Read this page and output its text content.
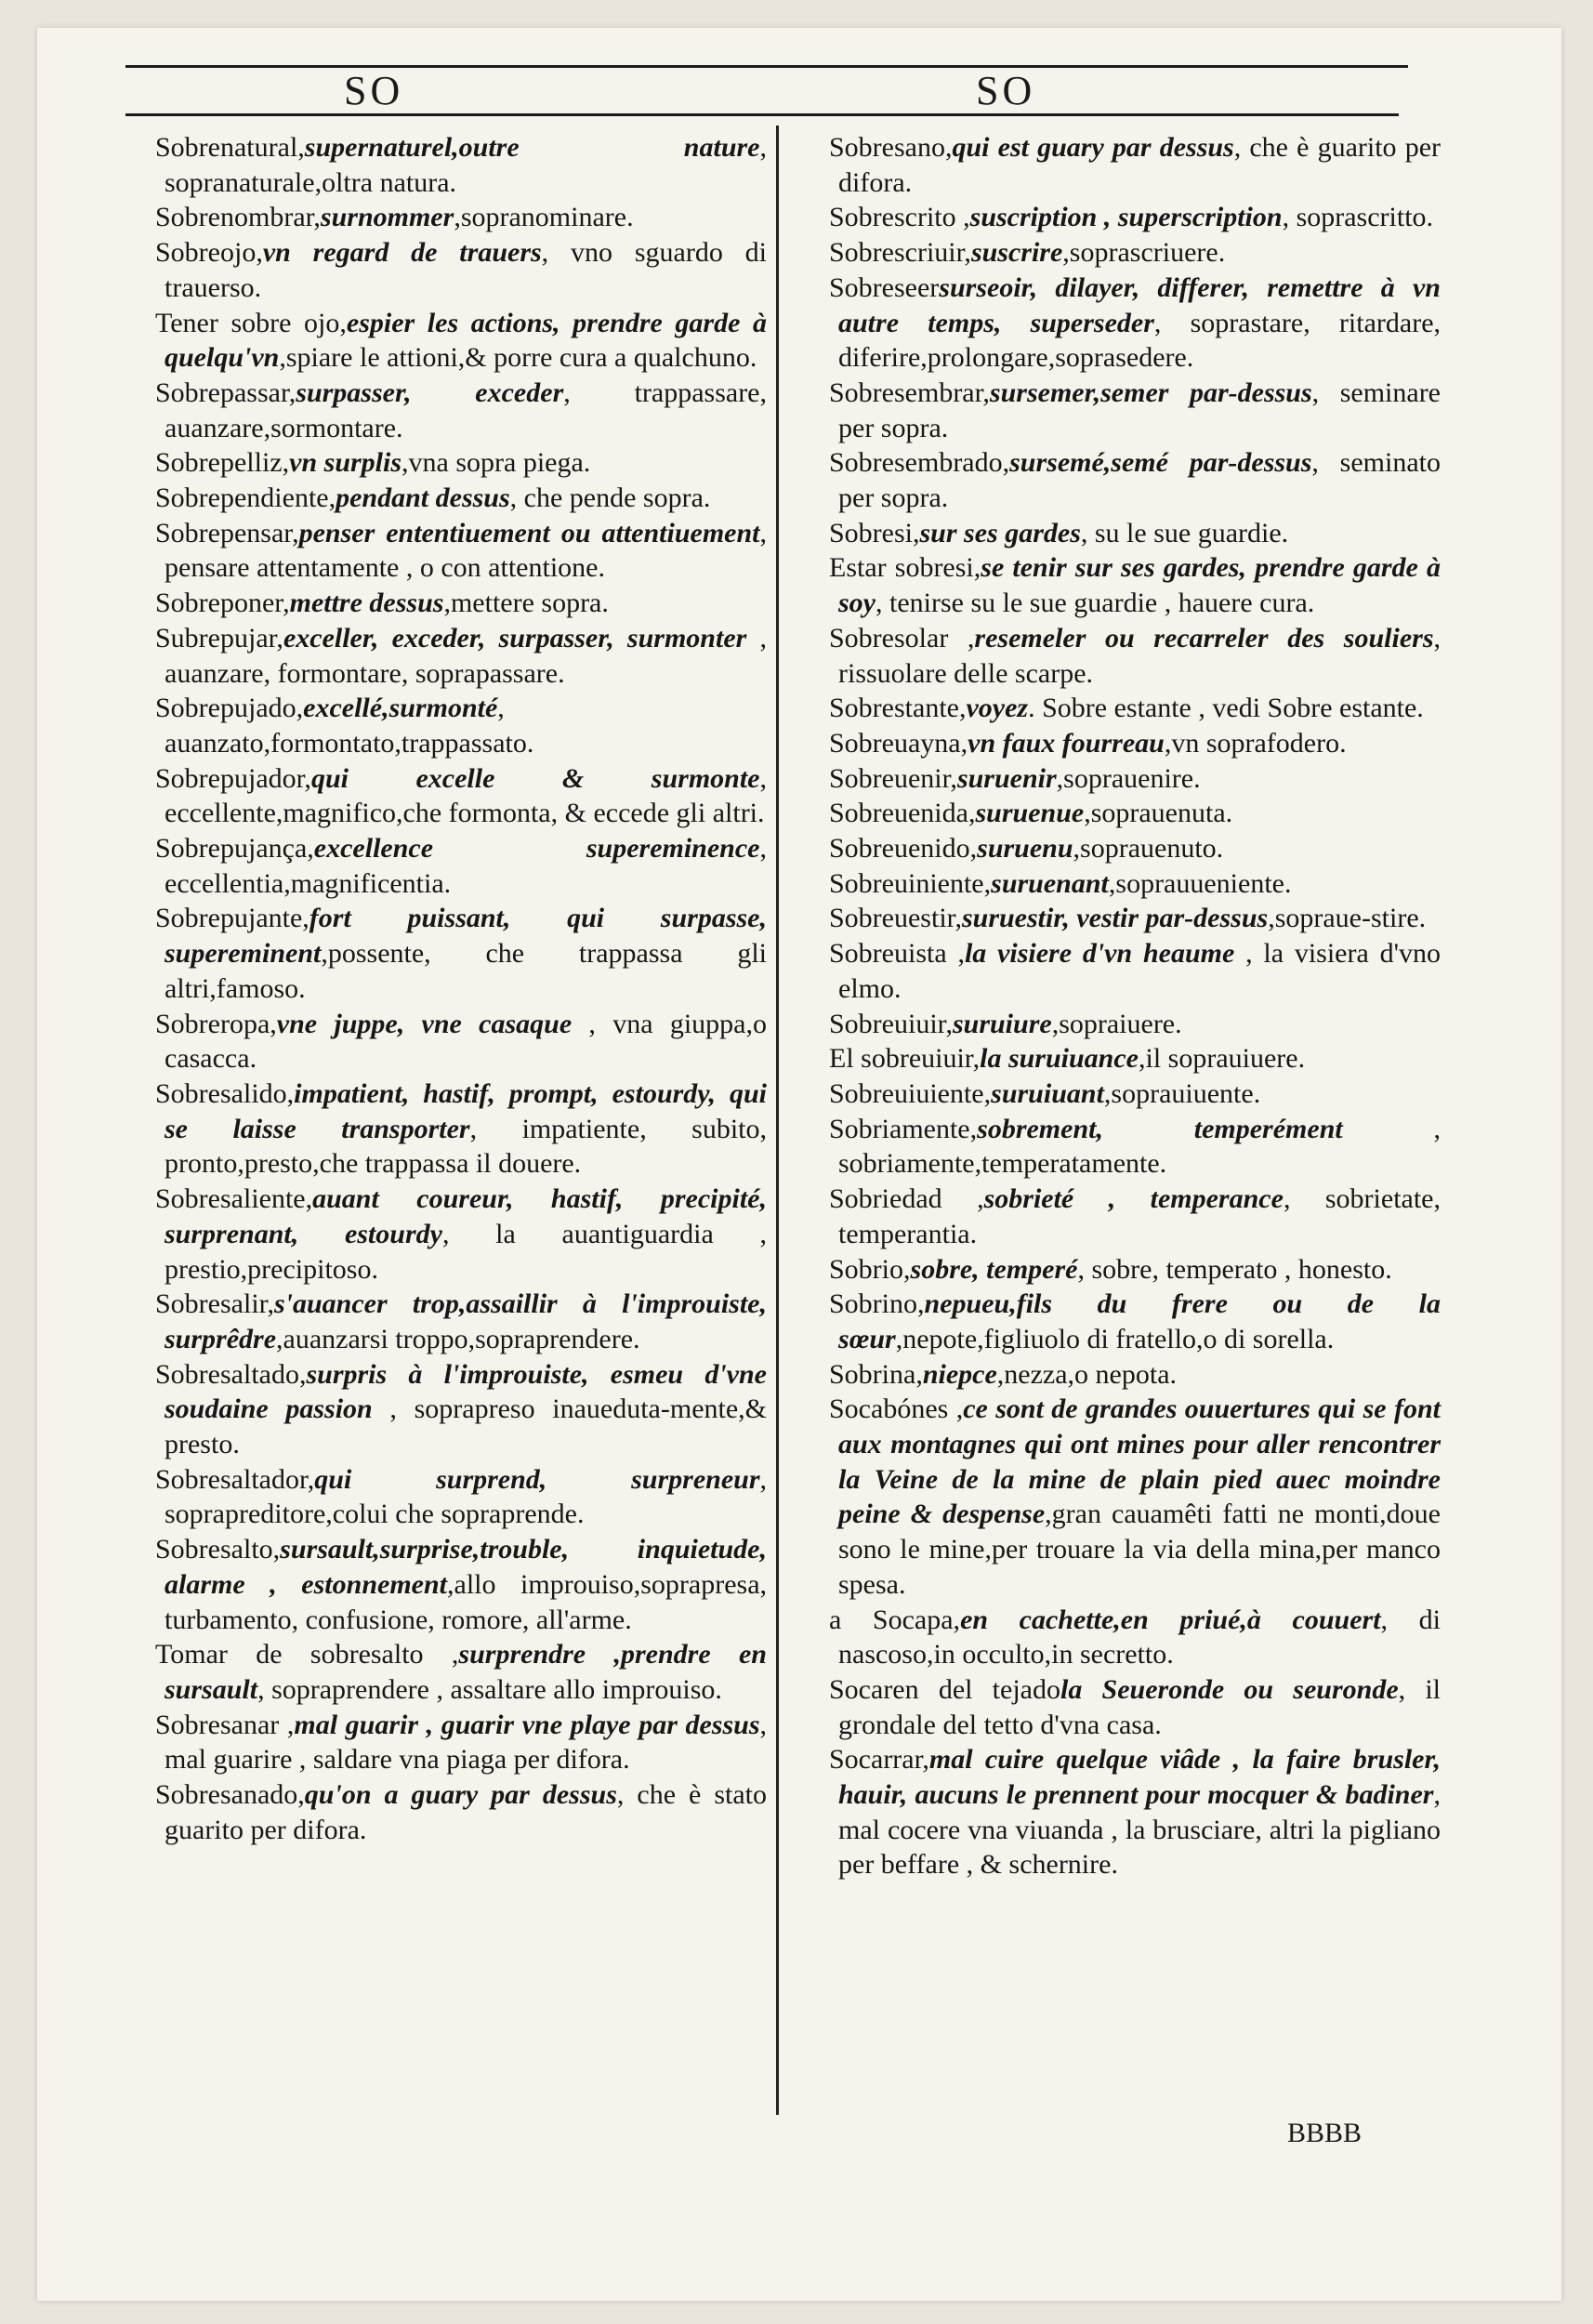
SO	SO

Sobrenatural,supernaturel,outre nature, sopranaturale,oltra natura.

Sobrenombrar,surnommer,sopranominare.

Sobreojo,vn regard de trauers, vno sguardo di trauerso.

Tener sobre ojo,espier les actions, prendre garde à quelqu'vn,spiare le attioni,& porre cura a qualchuno.

Sobrepassar,surpasser, exceder, trappassare, auanzare,sormontare.

Sobrepelliz,vn surplis,vna sopra piega.

Sobrependiente,pendant dessus, che pende sopra.

Sobrepensar,penser ententiuement ou attentiuement, pensare attentamente , o con attentione.

Sobreponer,mettre dessus,mettere sopra.

Subrepujar,exceller, exceder, surpasser, surmonter , auanzare, formontare, soprapassare.

Sobrepujado,excellé,surmonté, auanzato,formontato,trappassato.

Sobrepujador,qui excelle & surmonte, eccellente,magnifico,che formonta, & eccede gli altri.

Sobrepujança,excellence supereminence, eccellentia,magnificentia.

Sobrepujante,fort puissant, qui surpasse, supereminent,possente, che trappassa gli altri,famoso.

Sobreropa,vne juppe, vne casaque , vna giuppa,o casacca.

Sobresalido,impatient, hastif, prompt, estourdy, qui se laisse transporter, impatiente, subito, pronto,presto,che trappassa il douere.

Sobresaliente,auant coureur, hastif, precipité, surprenant, estourdy, la auantiguardia , prestio,precipitoso.

Sobresalir,s'auancer trop,assaillir à l'improuiste, surprêdre,auanzarsi troppo,sopraprendere.

Sobresaltado,surpris à l'improuiste, esmeu d'vne soudaine passion , soprapreso inaueduta-mente,& presto.

Sobresaltador,qui surprend, surpreneur, soprapreditore,colui che sopraprende.

Sobresalto,sursault,surprise,trouble, inquietude, alarme , estonnement,allo improuiso,soprapresa, turbamento, confusione, romore, all'arme.

Tomar de sobresalto ,surprendre ,prendre en sursault, sopraprendere , assaltare allo improuiso.

Sobresanar ,mal guarir , guarir vne playe par dessus, mal guarire , saldare vna piaga per difora.

Sobresanado,qu'on a guary par dessus, che è stato guarito per difora.

Sobresano,qui est guary par dessus, che è guarito per difora.

Sobrescrito ,suscription , superscription, soprascritto.

Sobrescriuir,suscrire,soprascriuere.

Sobreseersurseoir, dilayer, differer, remettre à vn autre temps, superseder, soprastare, ritardare, diferire,prolongare,soprasedere.

Sobresembrar,sursemer,semer par-dessus, seminare per sopra.

Sobresembrado,sursemé,semé par-dessus, seminato per sopra.

Sobresi,sur ses gardes, su le sue guardie.

Estar sobresi,se tenir sur ses gardes, prendre garde à soy, tenirse su le sue guardie , hauere cura.

Sobresolar ,resemeler ou recarreler des souliers, rissuolare delle scarpe.

Sobrestante,voyez. Sobre estante , vedi Sobre estante.

Sobreuayna,vn faux fourreau,vn soprafodero.

Sobreuenir,suruenir,soprauenire.

Sobreuenida,suruenue,soprauenuta.

Sobreuenido,suruenu,soprauenuto.

Sobreuiniente,suruenant,soprauueniente.

Sobreuestir,suruestir, vestir par-dessus,sopraue-stire.

Sobreuista ,la visiere d'vn heaume , la visiera d'vno elmo.

Sobreuiuir,suruiure,sopraiuere.

El sobreuiuir,la suruiuance,il soprauiuere.

Sobreuiuiente,suruiuant,soprauiuente.

Sobriamente,sobrement, temperément , sobriamente,temperatamente.

Sobriedad ,sobrieté , temperance, sobrietate, temperantia.

Sobrio,sobre, temperé, sobre, temperato , honesto.

Sobrino,nepueu,fils du frere ou de la sœur,nepote,figliuolo di fratello,o di sorella.

Sobrina,niepce,nezza,o nepota.

Socabónes ,ce sont de grandes ouuertures qui se font aux montagnes qui ont mines pour aller rencontrer la Veine de la mine de plain pied auec moindre peine & despense,gran cauamêti fatti ne monti,doue sono le mine,per trouare la via della mina,per manco spesa.

a Socapa,en cachette,en priué,à couuert, di nascoso,in occulto,in secretto.

Socaren del tejadola Seueronde ou seuronde, il grondale del tetto d'vna casa.

Socarrar,mal cuire quelque viâde , la faire brusler, hauir, aucuns le prennent pour mocquer & badiner, mal cocere vna viuanda , la brusciare, altri la pigliano per beffare , & schernire.

BBBB
